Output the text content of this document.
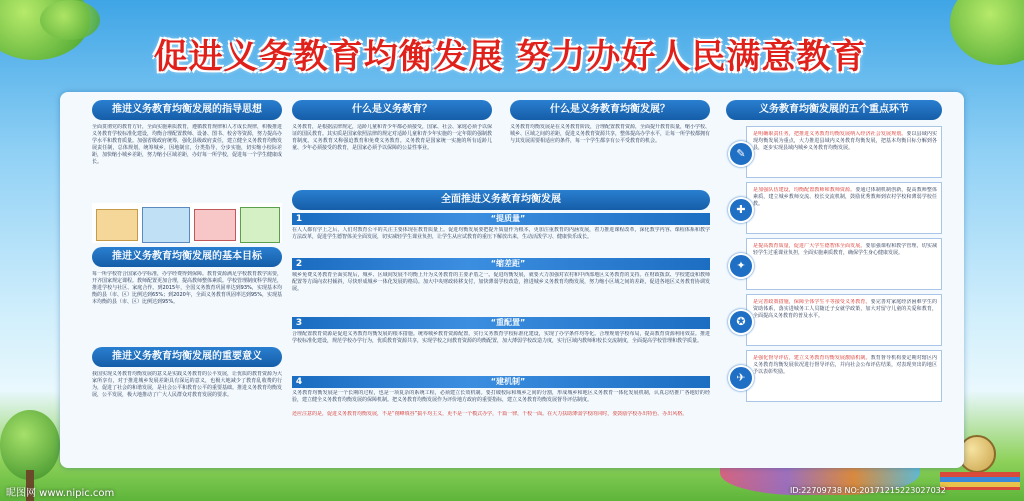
促进义务教育均衡发展 努力办好人民满意教育
推进义务教育均衡发展的指导思想
全面贯彻党的教育方针，全面实施素质教育，遵循教育规律和人才成长规律，积极推进义务教育学校标准化建设，均衡合理配置教师、设备、图书、校舍等资源，努力提高办学水平和教育质量。加强省级政府统筹，强化县级政府责任，建立健全义务教育均衡发展责任制，总体规划，统筹城乡，因地制宜，分类指导，分步实施，切实缩小校际差距，加快缩小城乡差距，努力缩小区域差距，办好每一所学校，促进每一个学生健康成长。
推进义务教育均衡发展的基本目标
每一所学校符合国家办学标准，办学经费得到保障。教育资源满足学校教育教学需要，开齐国家规定课程。教师配置更加合理，提高教师整体素质。学校管理制度科学规范，推进学校与社区、家庭合作。到2015年，全国义务教育巩固率达到93%，实现基本均衡的县（市、区）比例达到65%；到2020年，全面义务教育巩固率达到95%，实现基本均衡的县（市、区）比例达到95%。
推进义务教育均衡发展的重要意义
我国实现义务教育均衡发展的意义是实践义务教育的公平发展，让优质的教育资源为大家所享有，对于推进城乡发展差距具有深远的意义，也极大地减少了教育乱收费的行为，促进了社会的和谐发展，是社会公平和教育公平的重要基础。推进义务教育均衡发展，公平发展，极大地推动了广大人民群众对教育发展的要求。
什么是义务教育？
义务教育，是根据法律规定，适龄儿童和青少年都必须接受，国家、社会、家庭必须予以保证的国民教育。其实质是国家依照法律的规定对适龄儿童和青少年实施的一定年限的强制教育制度。义务教育又称强迫教育和免费义务教育。义务教育是国家统一实施的所有适龄儿童、少年必须接受的教育，是国家必须予以保障的公益性事业。
什么是义务教育均衡发展？
义务教育均衡发展是在义务教育阶段，合理配置教育资源，全面提升教育质量，缩小学校、城乡、区域之间的差距，促进义务教育资源共享，整体提高办学水平，让每一所学校都拥有与其发展需要相适应的条件，每一个学生都享有公平受教育的机会。
全面推进义务教育均衡发展
1	“提质量”
在人人都有学上之后，人们对教育公平的关注主要体现在教育质量上。促进均衡发展要把提升质量作为根本，更加注重教育的内涵发展，着力推进课程改革，深化教学内容、课程体系和教学方法改革，促进学生德智体美全面发展，切实减轻学生课业负担，让学生从应试教育的重压下解放出来，生动活泼学习、健康快乐成长。
2	“缩差距”
城乡免费义务教育全面实现后，城乡、区域间发展不均衡上升为义务教育的主要矛盾之一。促进均衡发展，就要大力加强对农村和中西部地区义务教育的支持。在财政拨款、学校建设和教师配置等方面向农村倾斜，尽快形成城乡一体化发展的格局。加大中央财政转移支付，加快薄弱学校改造，推进城乡义务教育均衡发展，努力缩小区域之间的差距，促进各地区义务教育协调发展。
3	“重配置”
合理配置教育资源是促进义务教育均衡发展的根本措施。统筹城乡教育资源配置，实行义务教育学校标准化建设，实现了办学条件均等化。合理规划学校布局，提高教育资源利用效益。推进学校标准化建设，规范学校办学行为，优质教育资源共享，实现学校之间教育资源的均衡配置，加大薄弱学校改造力度，实行区域内教师和校长交流制度，全面提高学校管理和教学质量。
4	“建机制”
义务教育均衡发展是一个长期的过程，也是一项复杂的系统工程，必须建立长效机制。要打破校际和城乡之间的分割，形成城乡和地区义务教育一体化发展机制，认真总结推广各地好的经验，建立健全义务教育均衡发展的保障机制。把义务教育均衡发展作为评价地方政府的重要指标，建立义务教育均衡发展督导评估制度。
还应注意的是，促进义务教育均衡发展，不是“削峰填谷”搞平均主义，更不是一个模式办学，千篇一律，千校一面。在大力扶助薄弱学校的同时，要鼓励学校办出特色、办出风格。
义务教育均衡发展的五个重点环节
✎
是明确职责任务，把推进义务教育均衡发展纳入经济社会发展规划。要以县域内实现均衡发展为重点，大力推进县域内义务教育均衡发展，把基本均衡目标分解到各县，逐步实现县域内城乡义务教育均衡发展。
✚
是加强队伍建设，均衡配置教师和教师资源。要通过体制机制创新，提高教师整体素质，建立城乡教师交流、校长交流机制，鼓励优秀教师到农村学校和薄弱学校任教。
✦
是提高教育质量，促进广大学生德智体全面发展。要加强课程和教学管理，切实减轻学生过重课业负担，全面实施素质教育，确保学生身心健康发展。
✪
是完善政策措施，保障全体学生平等接受义务教育。要完善对家庭经济困难学生的资助体系，落实进城务工人员随迁子女就学政策，加大对留守儿童的关爱和教育，全面提高义务教育的普及水平。
✈
是强化督导评估，建立义务教育均衡发展激励机制。教育督导机构要定期对辖区内义务教育均衡发展状况进行督导评估，并向社会公布评估结果，对表现突出的地区予以表彰奖励。
昵图网 www.nipic.com	ID:22709738 NO:20171215223027032
